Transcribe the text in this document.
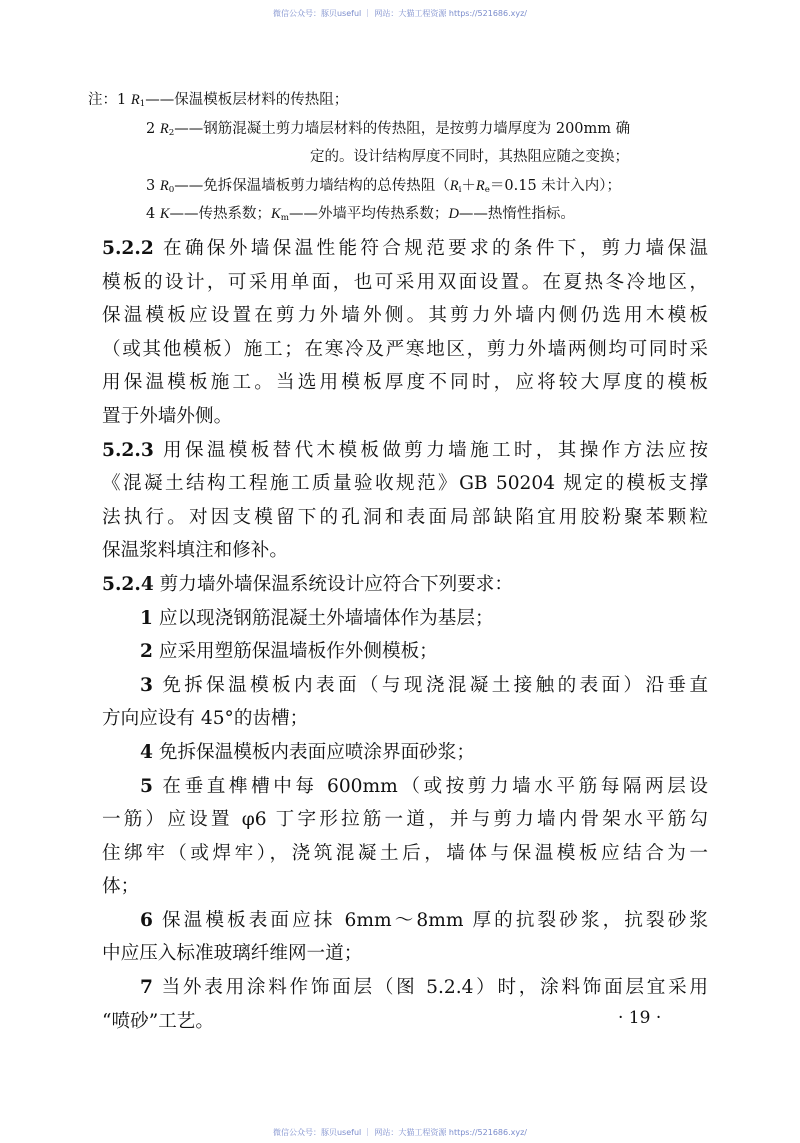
微信公众号：豚贝useful ｜ 网站：大猫工程资源 https://521686.xyz/
注：1 $R_1——$保温模板层材料的传热阻；
2 $R_2——$钢筋混凝土剪力墙层材料的传热阻，是按剪力墙厚度为 200mm 确
定的。设计结构厚度不同时，其热阻应随之变换；
3 $R_0——$免拆保温墙板剪力墙结构的总传热阻（$R_i+R_e=0.15$ 未计入内）；
4 K——传热系数；$K_m——$外墙平均传热系数；D——热惰性指标。
5.2.2 在确保外墙保温性能符合规范要求的条件下，剪力墙保温
模板的设计，可采用单面，也可采用双面设置。在夏热冬冷地区，
保温模板应设置在剪力外墙外侧。其剪力外墙内侧仍选用木模板
（或其他模板）施工；在寒冷及严寒地区，剪力外墙两侧均可同时采
用保温模板施工。当选用模板厚度不同时，应将较大厚度的模板
置于外墙外侧。
5.2.3 用保温模板替代木模板做剪力墙施工时，其操作方法应按
《混凝土结构工程施工质量验收规范》GB 50204 规定的模板支撑
法执行。对因支模留下的孔洞和表面局部缺陷宜用胶粉聚苯颗粒
保温浆料填注和修补。
5.2.4 剪力墙外墙保温系统设计应符合下列要求：
1 应以现浇钢筋混凝土外墙墙体作为基层；
2 应采用塑筋保温墙板作外侧模板；
3 免拆保温模板内表面（与现浇混凝土接触的表面）沿垂直
方向应设有 45°的齿槽；
4 免拆保温模板内表面应喷涂界面砂浆；
5 在垂直榫槽中每 600mm（或按剪力墙水平筋每隔两层设
一筋）应设置 φ6 丁字形拉筋一道，并与剪力墙内骨架水平筋勾
住绑牢（或焊牢），浇筑混凝土后，墙体与保温模板应结合为一
体；
6 保温模板表面应抹 6mm～8mm 厚的抗裂砂浆，抗裂砂浆
中应压入标准玻璃纤维网一道；
7 当外表用涂料作饰面层（图 5.2.4）时，涂料饰面层宜采用
“喷砂”工艺。	· 19 ·
微信公众号：豚贝useful ｜ 网站：大猫工程资源 https://521686.xyz/
